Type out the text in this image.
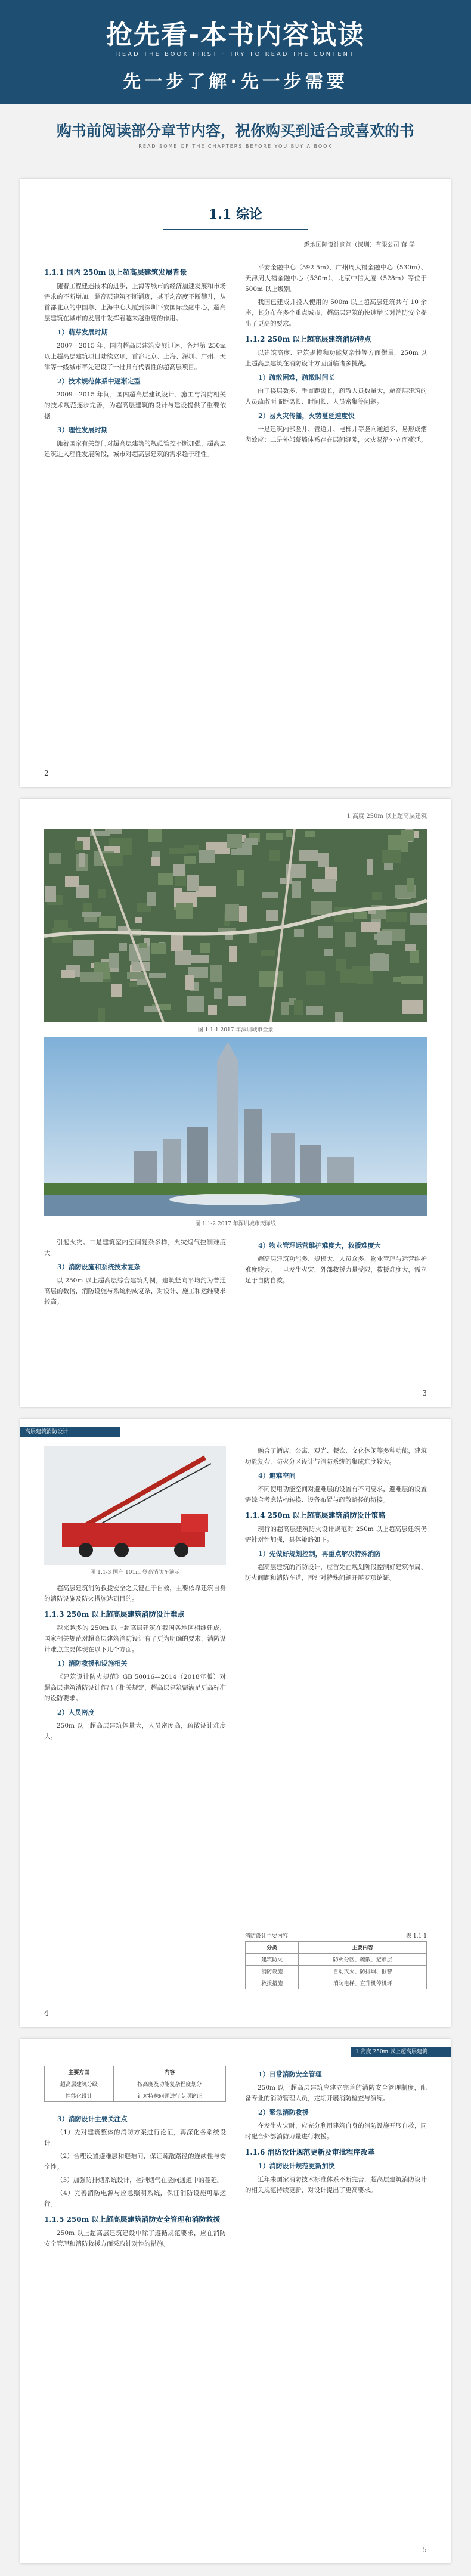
抢先看-本书内容试读
READ THE BOOK FIRST · TRY TO READ THE CONTENT
先一步了解·先一步需要
购书前阅读部分章节内容，祝你购买到适合或喜欢的书
READ SOME OF THE CHAPTERS BEFORE YOU BUY A BOOK
1.1 综论
悉地国际设计顾问（深圳）有限公司 蒋 学
1.1.1 国内 250m 以上超高层建筑发展背景

随着工程建造技术的进步，上海等城市的经济加速发展和市场需求的不断增加，超高层建筑不断涌现，其平均高度不断攀升，从首都北京的中国尊、上海中心大厦到深圳平安国际金融中心，超高层建筑在城市的发展中发挥着越来越重要的作用。

1）萌芽发展时期

2007—2015 年，国内超高层建筑发展迅速，各地第 250m 以上超高层建筑项目陆续立项，首都北京、上海、深圳、广州、天津等一线城市率先建设了一批具有代表性的超高层项目。

2）技术规范体系中逐渐定型

2009—2015 年间，国内超高层建筑设计、施工与消防相关的技术规范逐步完善，为超高层建筑的设计与建设提供了重要依据。

3）理性发展时期

随着国家有关部门对超高层建筑的规范管控不断加强，超高层建筑进入理性发展阶段，城市对超高层建筑的需求趋于理性。

平安金融中心（592.5m）、广州周大福金融中心（530m）、天津周大福金融中心（530m）、北京中信大厦（528m）等位于 500m 以上级别。

我国已建成并投入使用的 500m 以上超高层建筑共有 10 余座，其分布在多个重点城市，超高层建筑的快速增长对消防安全提出了更高的要求。

1.1.2 250m 以上超高层建筑消防特点

以建筑高度、建筑规模和功能复杂性等方面衡量，250m 以上超高层建筑在消防设计方面面临诸多挑战。

1）疏散困难，疏散时间长

由于楼层数多、垂直距离长，疏散人员数量大，超高层建筑的人员疏散面临距离长、时间长、人员密集等问题。

2）易火灾传播，火势蔓延速度快

一是建筑内部竖井、管道井、电梯井等竖向通道多，易形成烟囱效应；二是外部幕墙体系存在层间缝隙，火灾易沿外立面蔓延。

2
1 高度 250m 以上超高层建筑
图 1.1-1 2017 年深圳城市全景
图 1.1-2 2017 年深圳城市天际线

引起火灾。二是建筑室内空间复杂多样，火灾烟气控制难度大。

3）消防设施和系统技术复杂

以 250m 以上超高层综合建筑为例，建筑竖向平均约为普通高层的数倍，消防设施与系统构成复杂，对设计、施工和运维要求较高。

4）物业管理运营维护难度大，救援难度大

超高层建筑功能多、规模大、人员众多，物业管理与运营维护难度较大，一旦发生火灾，外部救援力量受限，救援难度大，需立足于自防自救。

3
高层建筑消防设计
图 1.1-3 国产 101m 登高消防车演示

超高层建筑消防救援安全之关键在于自救，主要依靠建筑自身的消防设施及防火措施达到目的。

1.1.3 250m 以上超高层建筑消防设计难点

越来越多的 250m 以上超高层建筑在我国各地区相继建成，国家相关规范对超高层建筑消防设计有了更为明确的要求，消防设计难点主要体现在以下几个方面。

1）消防救援和设施相关

《建筑设计防火规范》GB 50016—2014（2018年版）对超高层建筑消防设计作出了相关规定，超高层建筑需满足更高标准的设防要求。

2）人员密度

250m 以上超高层建筑体量大，人员密度高，疏散设计难度大。

融合了酒店、公寓、观光、餐饮、文化休闲等多种功能，建筑功能复杂，防火分区设计与消防系统的集成难度较大。

4）避难空间

不同使用功能空间对避难层的设置有不同要求，避难层的设置需综合考虑结构转换、设备布置与疏散路径的衔接。

1.1.4 250m 以上超高层建筑消防设计策略

现行的超高层建筑防火设计规范对 250m 以上超高层建筑仍需针对性加强，具体策略如下。

1）先做好规划控制，再重点解决特殊消防

超高层建筑的消防设计，应首先在规划阶段控制好建筑布局、防火间距和消防车道，再针对特殊问题开展专项论证。

消防设计主要内容	表 1.1-1
分类	主要内容
建筑防火	防火分区、疏散、避难层
消防设施	自动灭火、防排烟、报警
救援措施	消防电梯、直升机停机坪
4
1 高度 250m 以上超高层建筑
主要方面	内容
超高层建筑分级	按高度及功能复杂程度划分
性能化设计	针对特殊问题进行专项论证
3）消防设计主要关注点

（1）先对建筑整体的消防方案进行论证，再深化各系统设计。

（2）合理设置避难层和避难间，保证疏散路径的连续性与安全性。

（3）加强防排烟系统设计，控制烟气在竖向通道中的蔓延。

（4）完善消防电源与应急照明系统，保证消防设施可靠运行。

1.1.5 250m 以上超高层建筑消防安全管理和消防救援

250m 以上超高层建筑建设中除了遵循规范要求，应在消防安全管理和消防救援方面采取针对性的措施。

1）日常消防安全管理

250m 以上超高层建筑应建立完善的消防安全管理制度，配备专业的消防管理人员，定期开展消防检查与演练。

2）紧急消防救援

在发生火灾时，应充分利用建筑自身的消防设施开展自救，同时配合外部消防力量进行救援。

1.1.6 消防设计规范更新及审批程序改革
1）消防设计规范更新加快

近年来国家消防技术标准体系不断完善，超高层建筑消防设计的相关规范持续更新，对设计提出了更高要求。

5
